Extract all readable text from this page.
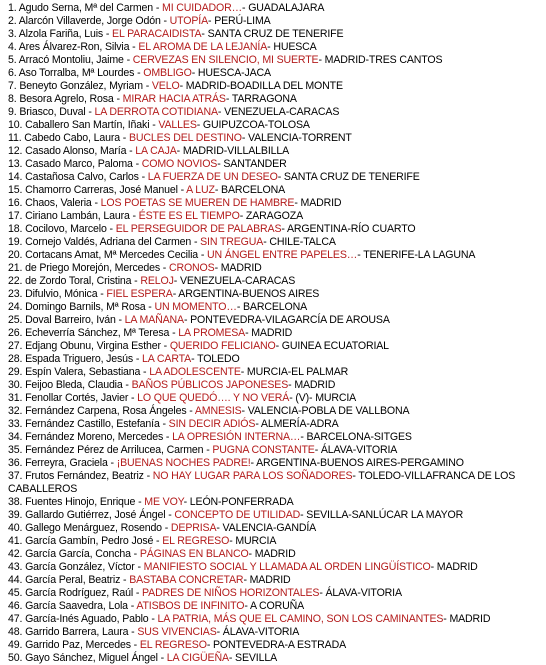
1. Agudo Serna, Mª del Carmen - MI CUIDADOR…- GUADALAJARA
2. Alarcón Villaverde, Jorge Odón - UTOPÍA- PERÚ-LIMA
3. Alzola Fariña, Luis - EL PARACAIDISTA- SANTA CRUZ DE TENERIFE
4. Ares Álvarez-Ron, Silvia - EL AROMA DE LA LEJANÍA- HUESCA
5. Arracó Montoliu, Jaime - CERVEZAS EN SILENCIO, MI SUERTE- MADRID-TRES CANTOS
6. Aso Torralba, Mª Lourdes - OMBLIGO- HUESCA-JACA
7. Beneyto González, Myriam - VELO- MADRID-BOADILLA DEL MONTE
8. Besora Agrelo, Rosa - MIRAR HACIA ATRÁS- TARRAGONA
9. Briasco, Duval - LA DERROTA COTIDIANA- VENEZUELA-CARACAS
10. Caballero San Martín, Iñaki - VALLES- GUIPUZCOA-TOLOSA
11. Cabedo Cabo, Laura - BUCLES DEL DESTINO- VALENCIA-TORRENT
12. Casado Alonso, María - LA CAJA- MADRID-VILLALBILLA
13. Casado Marco, Paloma - COMO NOVIOS- SANTANDER
14. Castañosa Calvo, Carlos - LA FUERZA DE UN DESEO- SANTA CRUZ DE TENERIFE
15. Chamorro Carreras, José Manuel - A LUZ- BARCELONA
16. Chaos, Valeria - LOS POETAS SE MUEREN DE HAMBRE- MADRID
17. Ciriano Lambán, Laura - ÉSTE ES EL TIEMPO- ZARAGOZA
18. Cocilovo, Marcelo - EL PERSEGUIDOR DE PALABRAS- ARGENTINA-RÍO CUARTO
19. Cornejo Valdés, Adriana del Carmen - SIN TREGUA- CHILE-TALCA
20. Cortacans Amat, Mª Mercedes Cecilia - UN ÁNGEL ENTRE PAPELES…- TENERIFE-LA LAGUNA
21. de Priego Morejón, Mercedes - CRONOS- MADRID
22. de Zordo Toral, Cristina - RELOJ- VENEZUELA-CARACAS
23. Difulvio, Mónica - FIEL ESPERA- ARGENTINA-BUENOS AIRES
24. Domingo Barnils, Mª Rosa - UN MOMENTO…- BARCELONA
25. Doval Barreiro, Iván - LA MAÑANA- PONTEVEDRA-VILAGARCÍA DE AROUSA
26. Echeverría Sánchez, Mª Teresa - LA PROMESA- MADRID
27. Edjang Obunu, Virgina Esther - QUERIDO FELICIANO- GUINEA ECUATORIAL
28. Espada Triguero, Jesús - LA CARTA- TOLEDO
29. Espín Valera, Sebastiana - LA ADOLESCENTE- MURCIA-EL PALMAR
30. Feijoo Bleda, Claudia - BAÑOS PÚBLICOS JAPONESES- MADRID
31. Fenollar Cortés, Javier - LO QUE QUEDÓ…. Y NO VERÁ- (V)- MURCIA
32. Fernández Carpena, Rosa Ángeles - AMNESIS- VALENCIA-POBLA DE VALLBONA
33. Fernández Castillo, Estefanía - SIN DECIR ADIÓS- ALMERÍA-ADRA
34. Fernández Moreno, Mercedes - LA OPRESIÓN INTERNA…- BARCELONA-SITGES
35. Fernández Pérez de Arrilucea, Carmen - PUGNA CONSTANTE- ÁLAVA-VITORIA
36. Ferreyra, Graciela - ¡BUENAS NOCHES PADRE!- ARGENTINA-BUENOS AIRES-PERGAMINO
37. Frutos Fernández, Beatriz - NO HAY LUGAR PARA LOS SOÑADORES- TOLEDO-VILLAFRANCA DE LOS CABALLEROS
38. Fuentes Hinojo, Enrique - ME VOY- LEÓN-PONFERRADA
39. Gallardo Gutiérrez, José Ángel - CONCEPTO DE UTILIDAD- SEVILLA-SANLÚCAR LA MAYOR
40. Gallego Menárguez, Rosendo - DEPRISA- VALENCIA-GANDÍA
41. García Gambín, Pedro José - EL REGRESO- MURCIA
42. García García, Concha - PÁGINAS EN BLANCO- MADRID
43. García González, Víctor - MANIFIESTO SOCIAL Y LLAMADA AL ORDEN LINGÜÍSTICO- MADRID
44. García Peral, Beatriz - BASTABA CONCRETAR- MADRID
45. García Rodríguez, Raúl - PADRES DE NIÑOS HORIZONTALES- ÁLAVA-VITORIA
46. García Saavedra, Lola - ATISBOS DE INFINITO- A CORUÑA
47. García-Inés Aguado, Pablo - LA PATRIA, MÁS QUE EL CAMINO, SON LOS CAMINANTES- MADRID
48. Garrido Barrera, Laura - SUS VIVENCIAS- ÁLAVA-VITORIA
49. Garrido Paz, Mercedes - EL REGRESO- PONTEVEDRA-A ESTRADA
50. Gayo Sánchez, Miguel Ángel - LA CIGÜEÑA- SEVILLA
